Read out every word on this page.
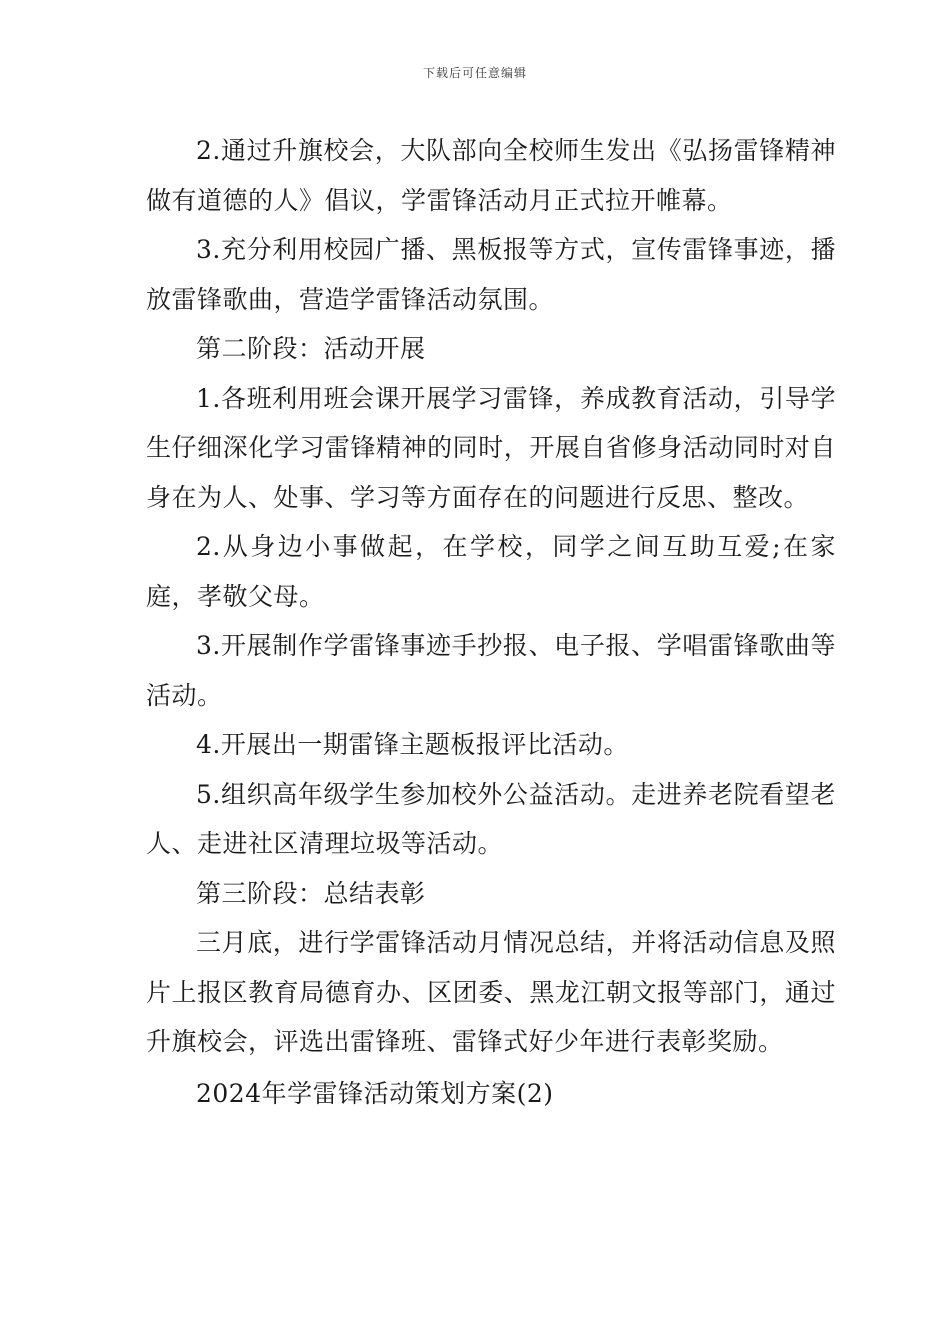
下载后可任意编辑

2.通过升旗校会，大队部向全校师生发出《弘扬雷锋精神做有道德的人》倡议，学雷锋活动月正式拉开帷幕。

3.充分利用校园广播、黑板报等方式，宣传雷锋事迹，播放雷锋歌曲，营造学雷锋活动氛围。

第二阶段：活动开展

1.各班利用班会课开展学习雷锋，养成教育活动，引导学生仔细深化学习雷锋精神的同时，开展自省修身活动同时对自身在为人、处事、学习等方面存在的问题进行反思、整改。

2.从身边小事做起，在学校，同学之间互助互爱;在家庭，孝敬父母。

3.开展制作学雷锋事迹手抄报、电子报、学唱雷锋歌曲等活动。

4.开展出一期雷锋主题板报评比活动。

5.组织高年级学生参加校外公益活动。走进养老院看望老人、走进社区清理垃圾等活动。

第三阶段：总结表彰

三月底，进行学雷锋活动月情况总结，并将活动信息及照片上报区教育局德育办、区团委、黑龙江朝文报等部门，通过升旗校会，评选出雷锋班、雷锋式好少年进行表彰奖励。

2024年学雷锋活动策划方案(2)
